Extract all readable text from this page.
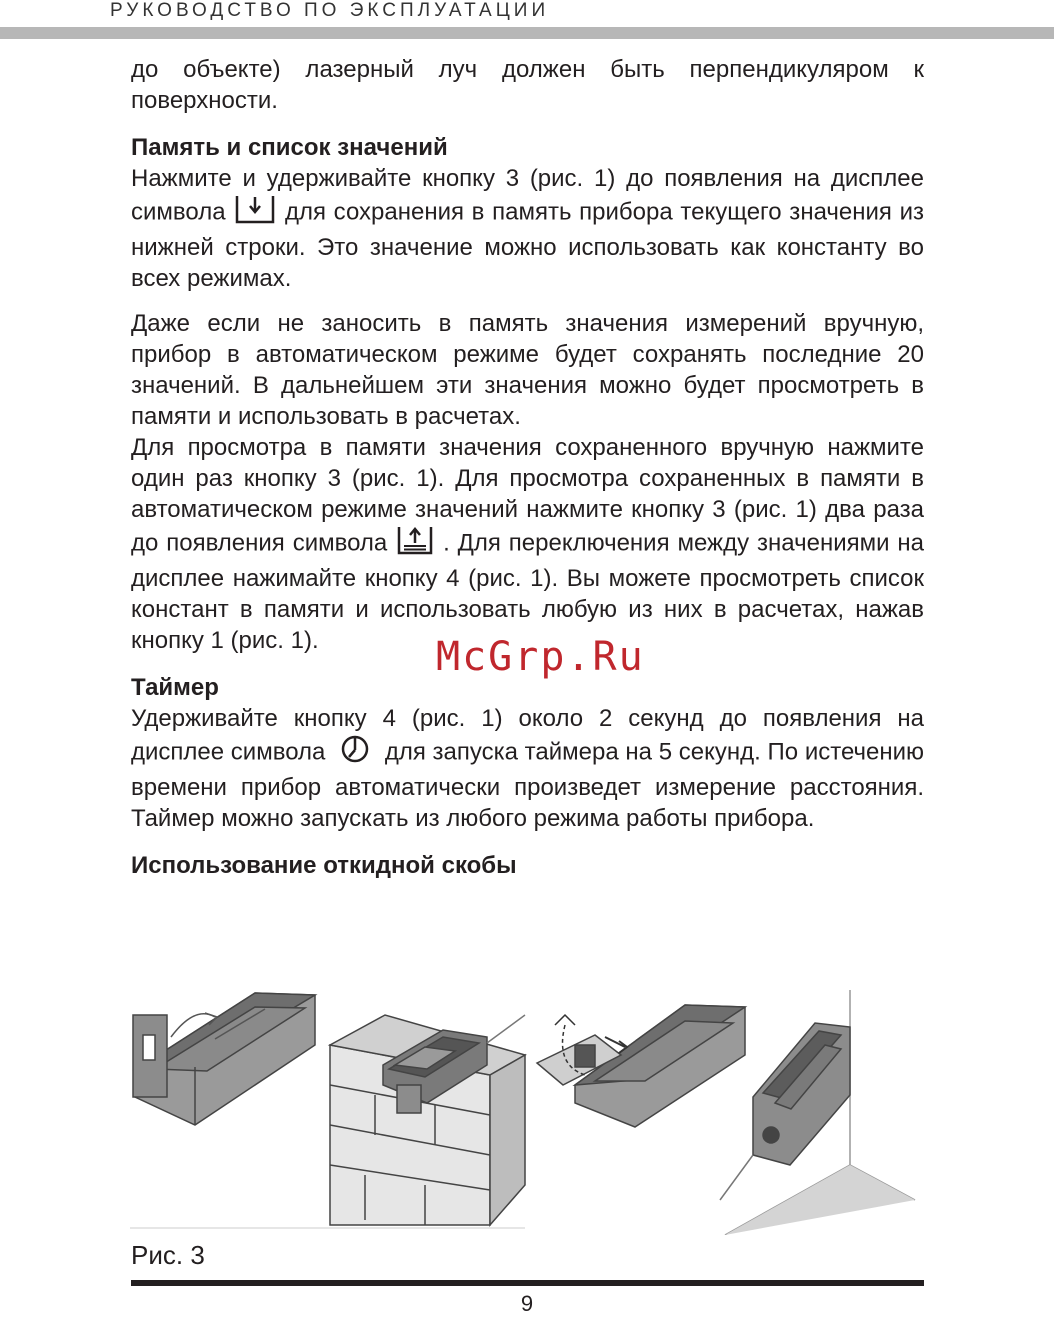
РУКОВОДСТВО ПО ЭКСПЛУАТАЦИИ

до объекте) лазерный луч должен быть перпендикуляром к поверхности.

Память и список значений

Нажмите и удерживайте кнопку 3 (рис. 1) до появления на дисплее символа для сохранения в память прибора текущего значения из нижней строки. Это значение можно использовать как константу во всех режимах.

Даже если не заносить в память значения измерений вручную, прибор в автоматическом режиме будет сохранять последние 20 значений. В дальнейшем эти значения можно будет просмотреть в памяти и использовать в расчетах.

Для просмотра в памяти значения сохраненного вручную нажмите один раз кнопку 3 (рис. 1). Для просмотра сохраненных в памяти в автоматическом режиме значений нажмите кнопку 3 (рис. 1) два раза до появления символа . Для переключения между значениями на дисплее нажимайте кнопку 4 (рис. 1). Вы можете просмотреть список констант в памяти и использовать любую из них в расчетах, нажав кнопку 1 (рис. 1).

Таймер

Удерживайте кнопку 4 (рис. 1) около 2 секунд до появления на дисплее символа для запуска таймера на 5 секунд. По истечению времени прибор автоматически произведет измерение расстояния. Таймер можно запускать из любого режима работы прибора.

Использование откидной скобы
McGrp.Ru
Рис. 3
9
